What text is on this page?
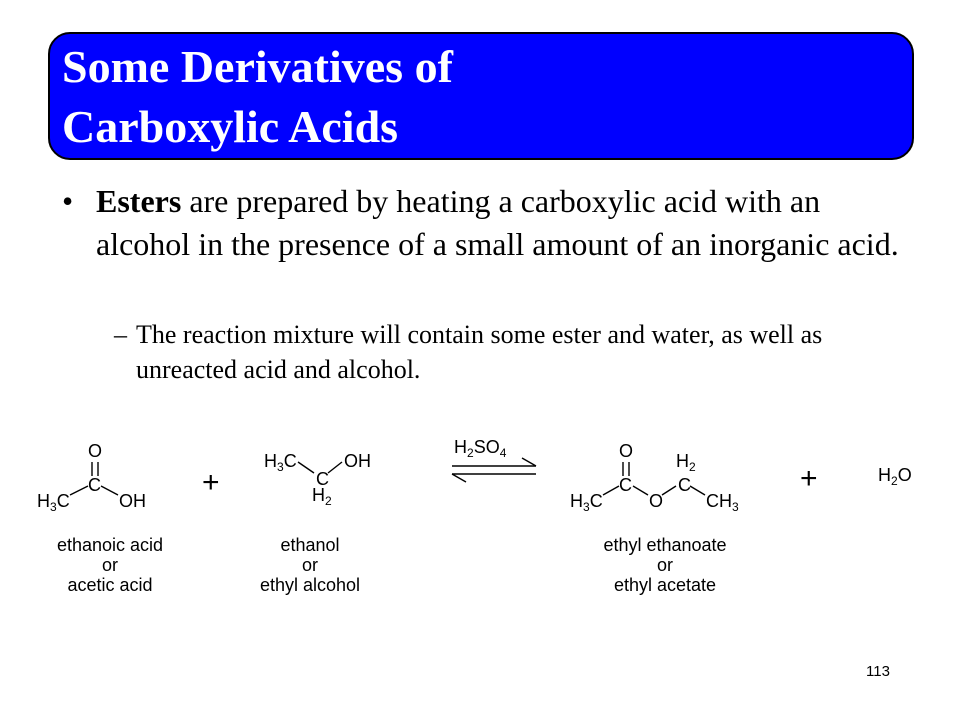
Some Derivatives of
Carboxylic Acids
• Esters are prepared by heating a carboxylic acid with an alcohol in the presence of a small amount of an inorganic acid.
– The reaction mixture will contain some ester and water, as well as unreacted acid and alcohol.
O
C
$H_3C$	OH
+
$H_3C$
C
$H_2$
OH
$H_2SO_4$	O
C
$H_3C$	O
$H_2$
C
$CH_3$
+	$H_2O$
ethanoic acid
or
acetic acid
ethanol
or
ethyl alcohol
ethyl ethanoate
or
ethyl acetate
113
